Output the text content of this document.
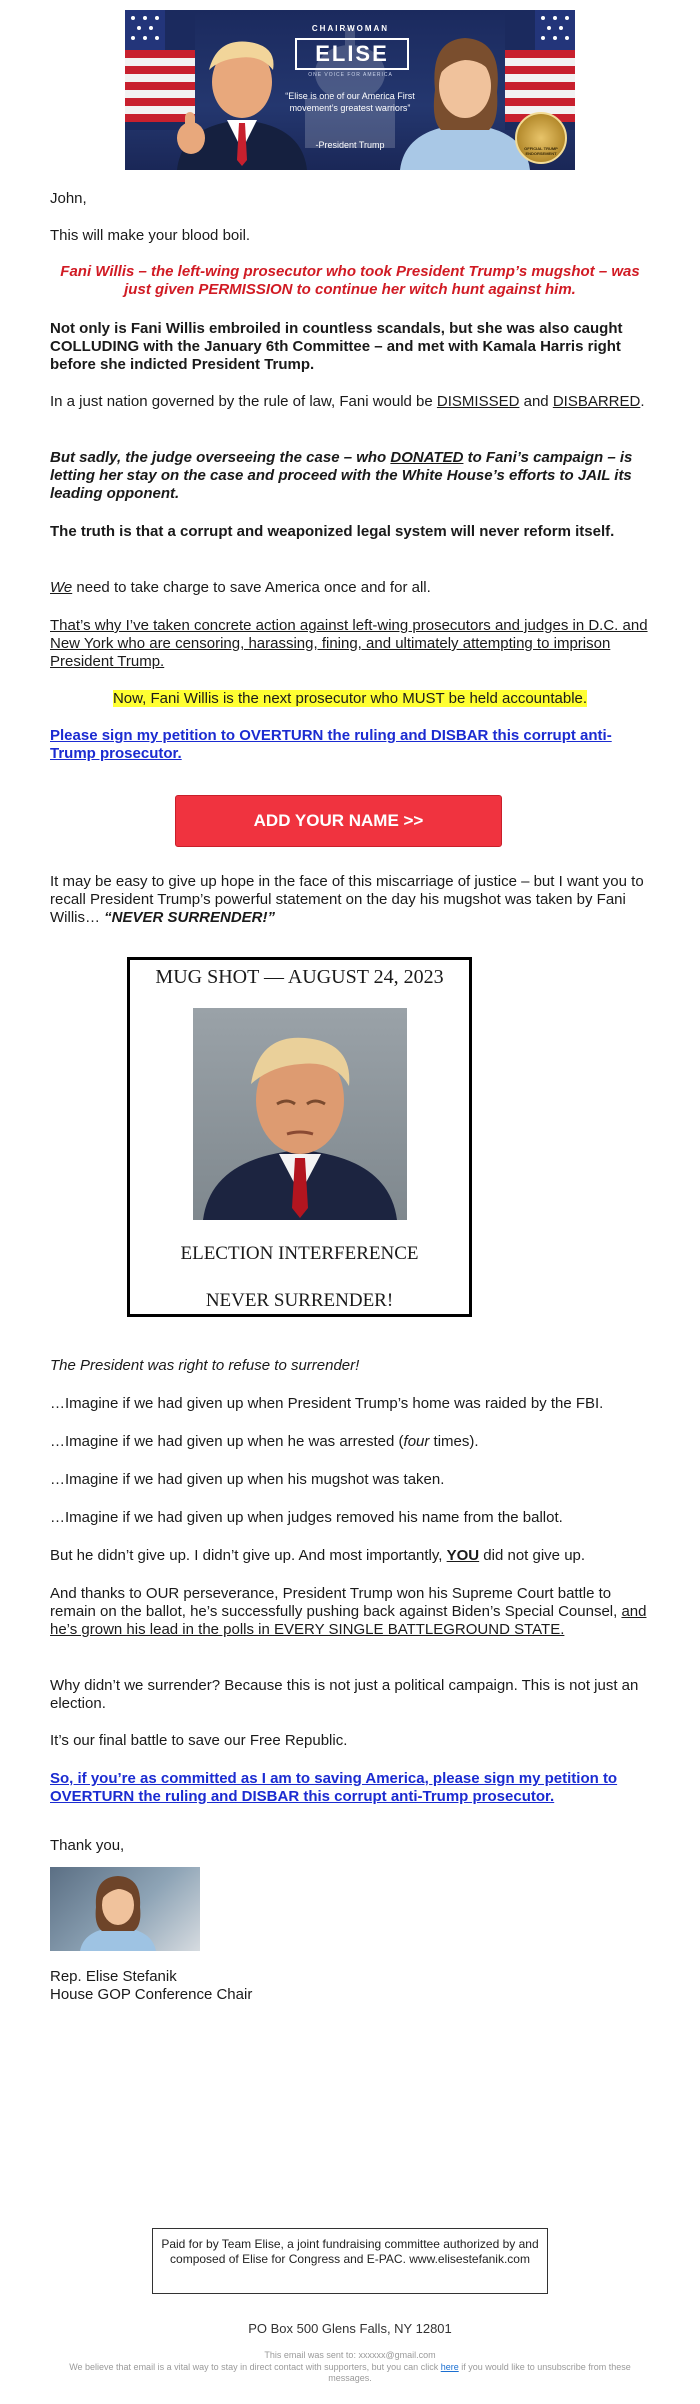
CHAIRWOMAN
ELISE
ONE VOICE FOR AMERICA
“Elise is one of our America First movement’s greatest warriors”
-President Trump	OFFICIAL TRUMP ENDORSEMENT

John,

This will make your blood boil.

Fani Willis – the left-wing prosecutor who took President Trump’s mugshot – was just given PERMISSION to continue her witch hunt against him.

Not only is Fani Willis embroiled in countless scandals, but she was also caught COLLUDING with the January 6th Committee – and met with Kamala Harris right before she indicted President Trump.

In a just nation governed by the rule of law, Fani would be DISMISSED and DISBARRED.

But sadly, the judge overseeing the case – who DONATED to Fani’s campaign – is letting her stay on the case and proceed with the White House’s efforts to JAIL its leading opponent.

The truth is that a corrupt and weaponized legal system will never reform itself.

We need to take charge to save America once and for all.

That’s why I’ve taken concrete action against left-wing prosecutors and judges in D.C. and New York who are censoring, harassing, fining, and ultimately attempting to imprison President Trump.

Now, Fani Willis is the next prosecutor who MUST be held accountable.

Please sign my petition to OVERTURN the ruling and DISBAR this corrupt anti-Trump prosecutor.

ADD YOUR NAME >>

It may be easy to give up hope in the face of this miscarriage of justice – but I want you to recall President Trump’s powerful statement on the day his mugshot was taken by Fani Willis… “NEVER SURRENDER!”

The President was right to refuse to surrender!

…Imagine if we had given up when President Trump’s home was raided by the FBI.

…Imagine if we had given up when he was arrested (four times).

…Imagine if we had given up when his mugshot was taken.

…Imagine if we had given up when judges removed his name from the ballot.

But he didn’t give up. I didn’t give up. And most importantly, YOU did not give up.

And thanks to OUR perseverance, President Trump won his Supreme Court battle to remain on the ballot, he’s successfully pushing back against Biden’s Special Counsel, and he’s grown his lead in the polls in EVERY SINGLE BATTLEGROUND STATE.

Why didn’t we surrender? Because this is not just a political campaign. This is not just an election.

It’s our final battle to save our Free Republic.

So, if you’re as committed as I am to saving America, please sign my petition to OVERTURN the ruling and DISBAR this corrupt anti-Trump prosecutor.

Thank you,

Rep. Elise Stefanik

House GOP Conference Chair

MUG SHOT — AUGUST 24, 2023
ELECTION INTERFERENCE
NEVER SURRENDER!
Paid for by Team Elise, a joint fundraising committee authorized by and composed of Elise for Congress and E-PAC. www.elisestefanik.com
PO Box 500 Glens Falls, NY 12801
This email was sent to: xxxxxx@gmail.com
We believe that email is a vital way to stay in direct contact with supporters, but you can click here if you would like to unsubscribe from these messages.
